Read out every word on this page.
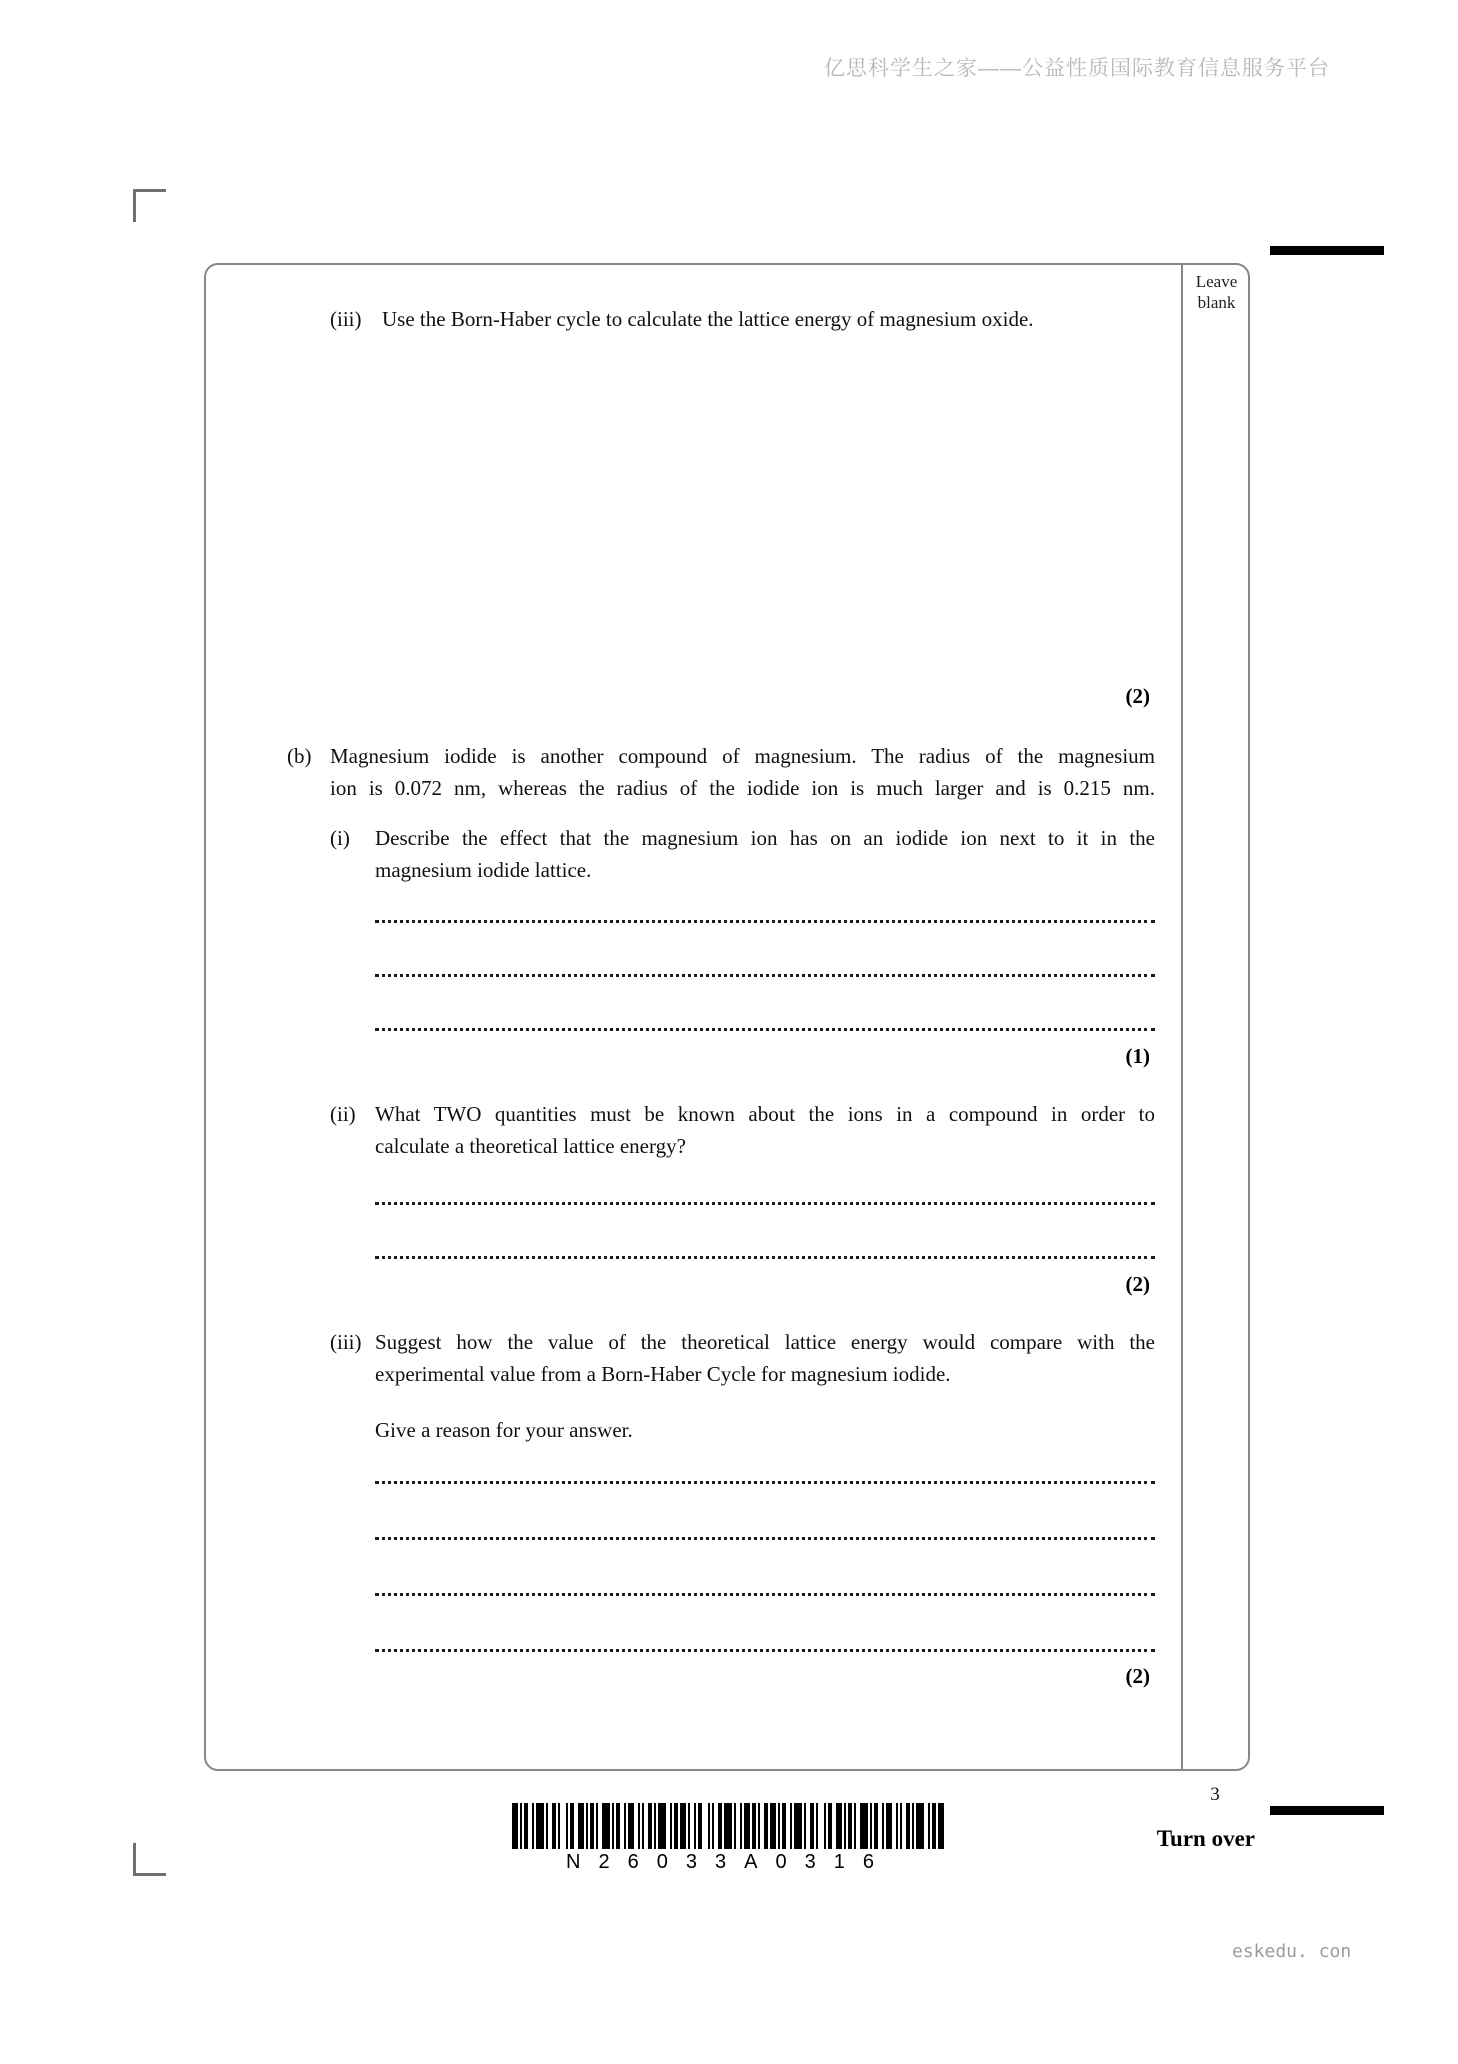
亿思科学生之家——公益性质国际教育信息服务平台
Leave
blank
(iii) Use the Born-Haber cycle to calculate the lattice energy of magnesium oxide.
(2)
(b) Magnesium iodide is another compound of magnesium. The radius of the magnesium
ion is 0.072 nm, whereas the radius of the iodide ion is much larger and is 0.215 nm.
(i) Describe the effect that the magnesium ion has on an iodide ion next to it in the
magnesium iodide lattice.
(1)
(ii) What TWO quantities must be known about the ions in a compound in order to
calculate a theoretical lattice energy?
(2)
(iii) Suggest how the value of the theoretical lattice energy would compare with the
experimental value from a Born-Haber Cycle for magnesium iodide.
Give a reason for your answer.
(2)
N26033A0316
3
Turn over
eskedu. con
